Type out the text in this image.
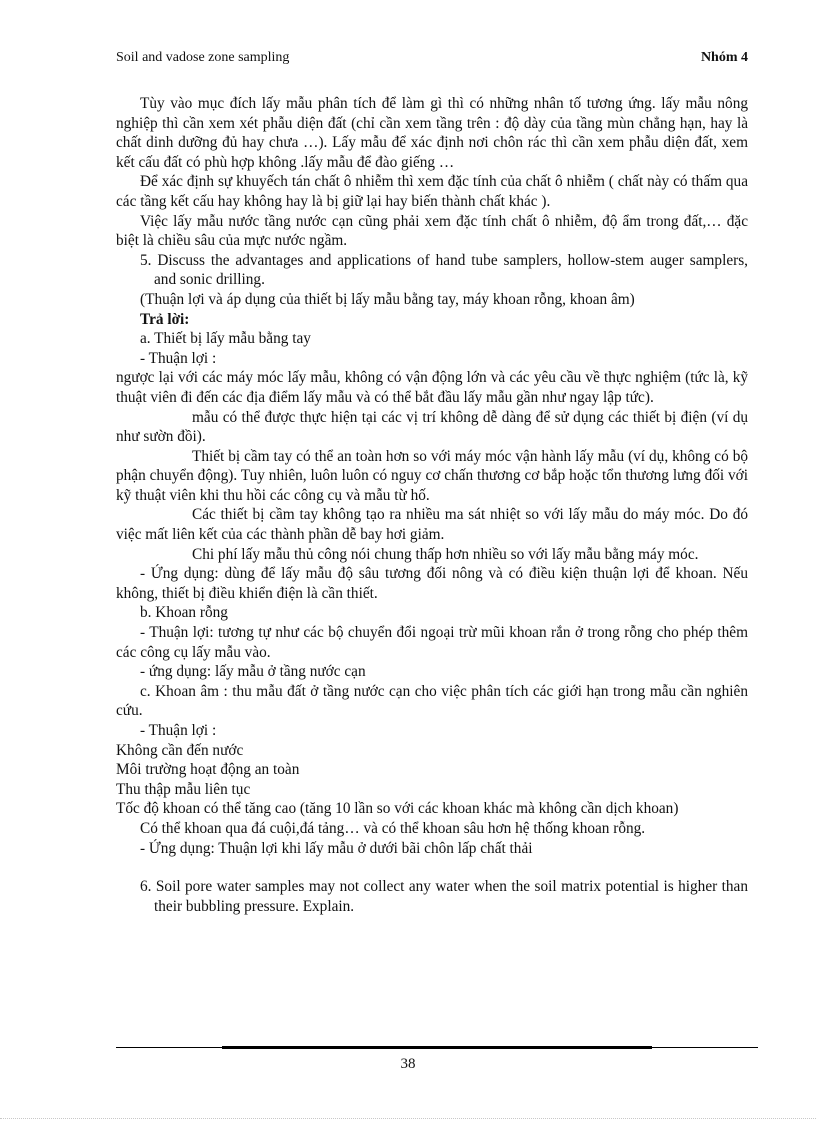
Soil and vadose zone sampling	Nhóm 4

Tùy vào mục đích lấy mẫu phân tích để làm gì thì có những nhân tố tương ứng. lấy mẫu nông nghiệp thì cần xem xét phẫu diện đất (chỉ cần xem tầng trên : độ dày của tầng mùn chẳng hạn, hay là chất dinh dưỡng đủ hay chưa …). Lấy mẫu để xác định nơi chôn rác thì cần xem phẫu diện đất, xem kết cấu đất có phù hợp không .lấy mẫu để đào giếng …

Để xác định sự khuyếch tán chất ô nhiễm thì xem đặc tính của chất ô nhiễm ( chất này có thấm qua các tầng kết cấu hay không hay là bị giữ lại hay biến thành chất khác ).

Việc lấy mẫu nước tầng nước cạn cũng phải xem đặc tính chất ô nhiễm, độ ẩm trong đất,… đặc biệt là chiều sâu của mực nước ngầm.

5. Discuss the advantages and applications of hand tube samplers, hollow-stem auger samplers, and sonic drilling.

(Thuận lợi và áp dụng của thiết bị lấy mẫu bằng tay, máy khoan rỗng, khoan âm)

Trả lời:

a. Thiết bị lấy mẫu bằng tay

- Thuận lợi :

ngược lại với các máy móc lấy mẫu, không có vận động lớn và các yêu cầu về thực nghiệm (tức là, kỹ thuật viên đi đến các địa điểm lấy mẫu và có thể bắt đầu lấy mẫu gần như ngay lập tức).

mẫu có thể được thực hiện tại các vị trí không dễ dàng để sử dụng các thiết bị điện (ví dụ như sườn đồi).

Thiết bị cầm tay có thể an toàn hơn so với máy móc vận hành lấy mẫu (ví dụ, không có bộ phận chuyển động). Tuy nhiên, luôn luôn có nguy cơ chấn thương cơ bắp hoặc tổn thương lưng đối với kỹ thuật viên khi thu hồi các công cụ và mẫu từ hố.

Các thiết bị cầm tay không tạo ra nhiều ma sát nhiệt so với lấy mẫu do máy móc. Do đó việc mất liên kết của các thành phần dễ bay hơi giảm.

Chi phí lấy mẫu thủ công nói chung thấp hơn nhiều so với lấy mẫu bằng máy móc.

- Ứng dụng: dùng để lấy mẫu độ sâu tương đối nông và có điều kiện thuận lợi để khoan. Nếu không, thiết bị điều khiển điện là cần thiết.

b. Khoan rỗng

- Thuận lợi: tương tự như các bộ chuyển đổi ngoại trừ mũi khoan rắn ở trong rỗng cho phép thêm các công cụ lấy mẫu vào.

- ứng dụng: lấy mẫu ở tầng nước cạn

c. Khoan âm : thu mẫu đất ở tầng nước cạn cho việc phân tích các giới hạn trong mẫu cần nghiên cứu.

- Thuận lợi :

Không cần đến nước

Môi trường hoạt động an toàn

Thu thập mẫu liên tục

Tốc độ khoan có thể tăng cao (tăng 10 lần so với các khoan khác mà không cần dịch khoan)

Có thể khoan qua đá cuội,đá tảng… và có thể khoan sâu hơn hệ thống khoan rỗng.

- Ứng dụng: Thuận lợi khi lấy mẫu ở dưới bãi chôn lấp chất thải

6. Soil pore water samples may not collect any water when the soil matrix potential is higher than their bubbling pressure. Explain.

38
